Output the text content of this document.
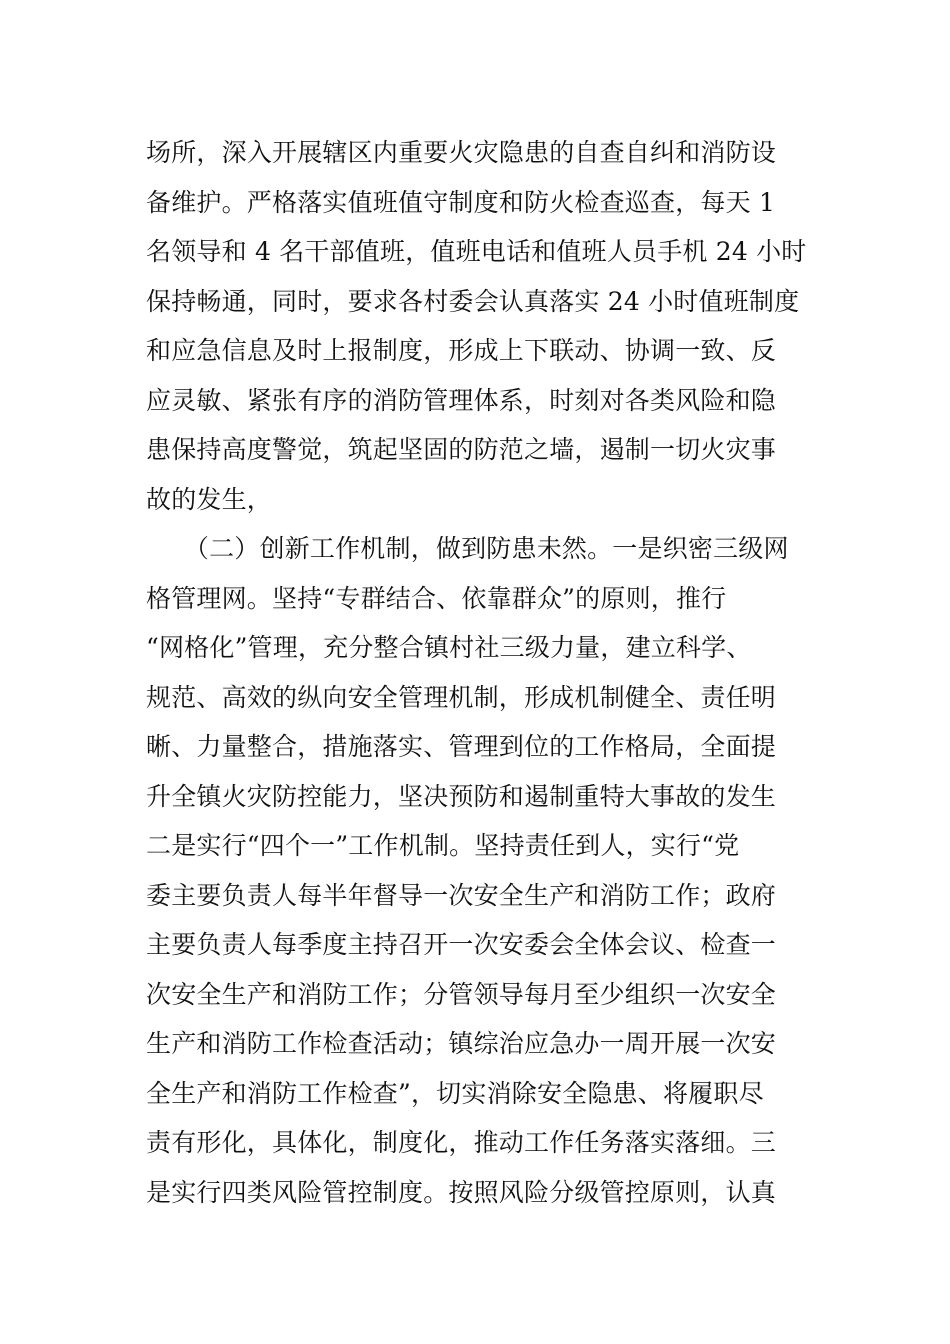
场所，深入开展辖区内重要火灾隐患的自查自纠和消防设
备维护。严格落实值班值守制度和防火检查巡查，每天 1
名领导和 4 名干部值班，值班电话和值班人员手机 24 小时
保持畅通，同时，要求各村委会认真落实 24 小时值班制度
和应急信息及时上报制度，形成上下联动、协调一致、反
应灵敏、紧张有序的消防管理体系，时刻对各类风险和隐
患保持高度警觉，筑起坚固的防范之墙，遏制一切火灾事
故的发生，
　　（二）创新工作机制，做到防患未然。一是织密三级网
格管理网。坚持“专群结合、依靠群众”的原则，推行
“网格化”管理，充分整合镇村社三级力量，建立科学、
规范、高效的纵向安全管理机制，形成机制健全、责任明
晰、力量整合，措施落实、管理到位的工作格局，全面提
升全镇火灾防控能力，坚决预防和遏制重特大事故的发生
二是实行“四个一”工作机制。坚持责任到人，实行“党
委主要负责人每半年督导一次安全生产和消防工作；政府
主要负责人每季度主持召开一次安委会全体会议、检查一
次安全生产和消防工作；分管领导每月至少组织一次安全
生产和消防工作检查活动；镇综治应急办一周开展一次安
全生产和消防工作检查”，切实消除安全隐患、将履职尽
责有形化，具体化，制度化，推动工作任务落实落细。三
是实行四类风险管控制度。按照风险分级管控原则，认真
